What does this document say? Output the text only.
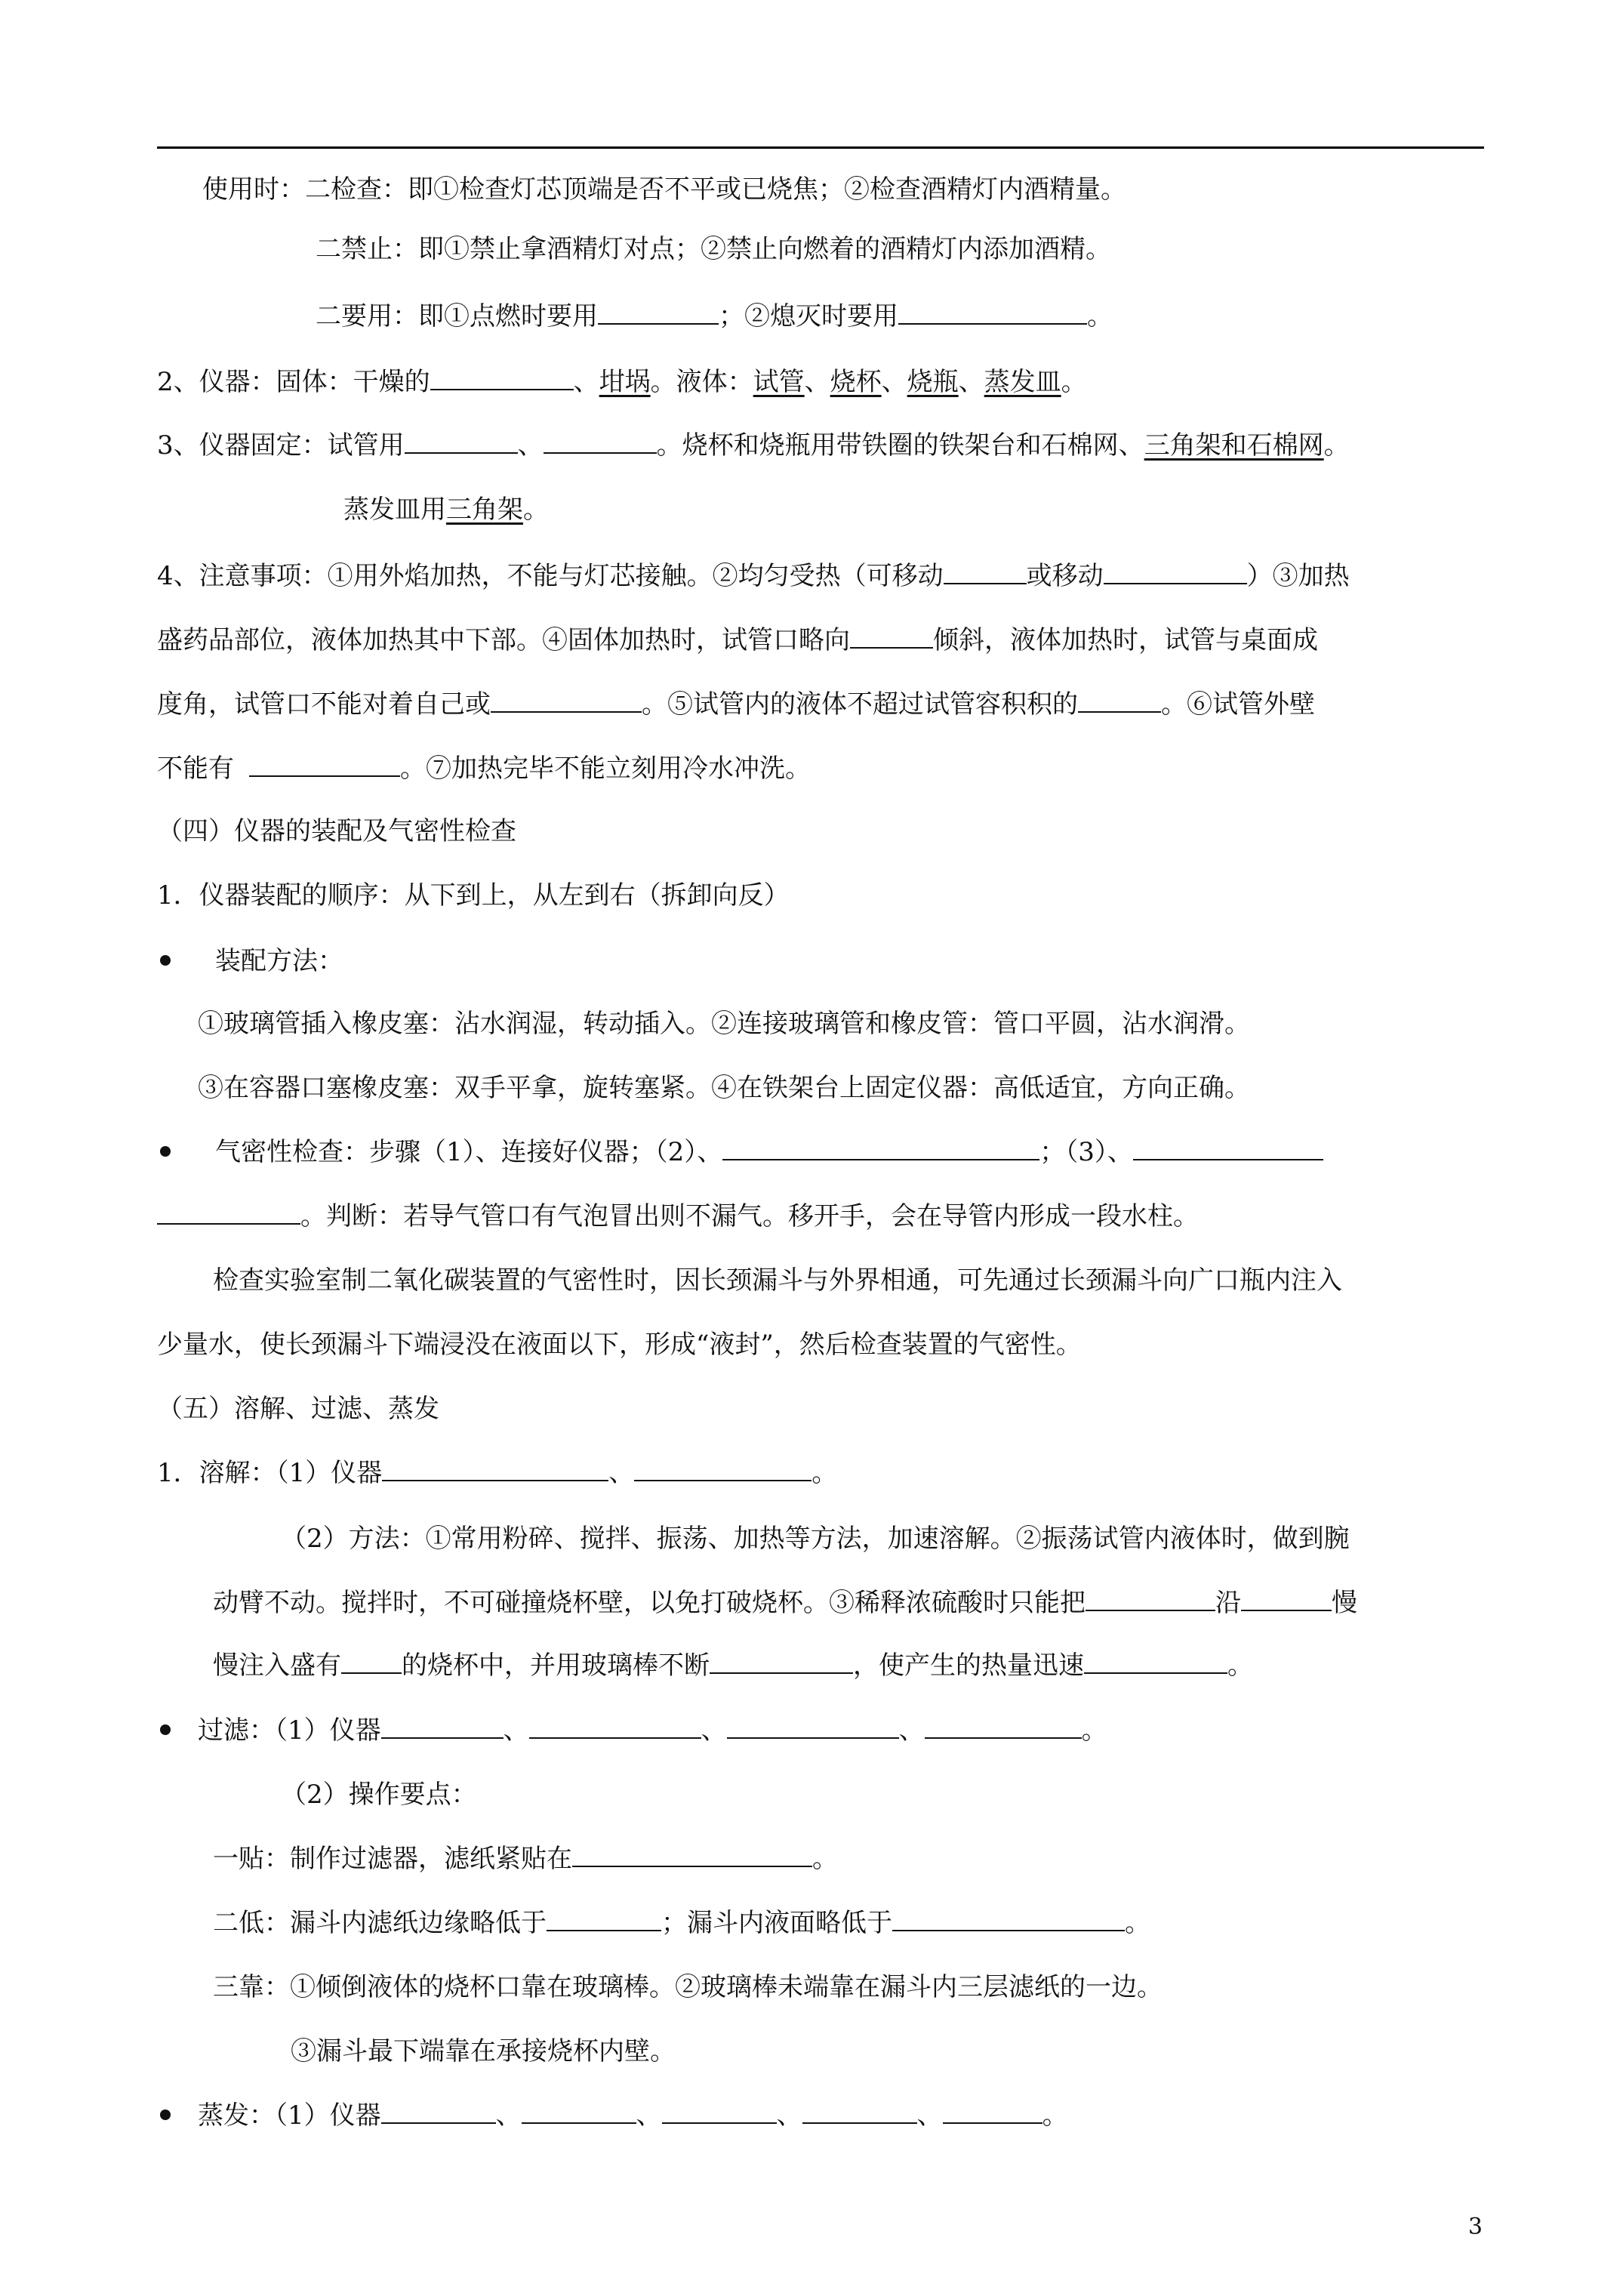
使用时：二检查：即①检查灯芯顶端是否不平或已烧焦；②检查酒精灯内酒精量。
二禁止：即①禁止拿酒精灯对点；②禁止向燃着的酒精灯内添加酒精。
二要用：即①点燃时要用	；②熄灭时要用	。
2、仪器：固体：干燥的	、坩埚。液体：试管、烧杯、烧瓶、蒸发皿。
3、仪器固定：试管用	、	。烧杯和烧瓶用带铁圈的铁架台和石棉网、三角架和石棉网。
蒸发皿用三角架。
4、注意事项：①用外焰加热，不能与灯芯接触。②均匀受热（可移动	或移动	）③加热
盛药品部位，液体加热其中下部。④固体加热时，试管口略向	倾斜，液体加热时，试管与桌面成
度角，试管口不能对着自己或	。⑤试管内的液体不超过试管容积积的	。⑥试管外壁
不能有	。⑦加热完毕不能立刻用冷水冲洗。
（四）仪器的装配及气密性检查
1．仪器装配的顺序：从下到上，从左到右（拆卸向反）
装配方法：
①玻璃管插入橡皮塞：沾水润湿，转动插入。②连接玻璃管和橡皮管：管口平圆，沾水润滑。
③在容器口塞橡皮塞：双手平拿，旋转塞紧。④在铁架台上固定仪器：高低适宜，方向正确。
气密性检查：步骤（1）、连接好仪器；（2）、	；（3）、
。判断：若导气管口有气泡冒出则不漏气。移开手，会在导管内形成一段水柱。
检查实验室制二氧化碳装置的气密性时，因长颈漏斗与外界相通，可先通过长颈漏斗向广口瓶内注入
少量水，使长颈漏斗下端浸没在液面以下，形成“液封”，然后检查装置的气密性。
（五）溶解、过滤、蒸发
1．溶解：（1）仪器	、	。
（2）方法：①常用粉碎、搅拌、振荡、加热等方法，加速溶解。②振荡试管内液体时，做到腕
动臂不动。搅拌时，不可碰撞烧杯壁，以免打破烧杯。③稀释浓硫酸时只能把	沿	慢
慢注入盛有 的烧杯中，并用玻璃棒不断	，使产生的热量迅速	。
过滤：（1）仪器	、	、	、	。
（2）操作要点：
一贴：制作过滤器，滤纸紧贴在	。
二低：漏斗内滤纸边缘略低于	；漏斗内液面略低于	。
三靠：①倾倒液体的烧杯口靠在玻璃棒。②玻璃棒未端靠在漏斗内三层滤纸的一边。
③漏斗最下端靠在承接烧杯内壁。
蒸发：（1）仪器	、	、	、	、	。
3
